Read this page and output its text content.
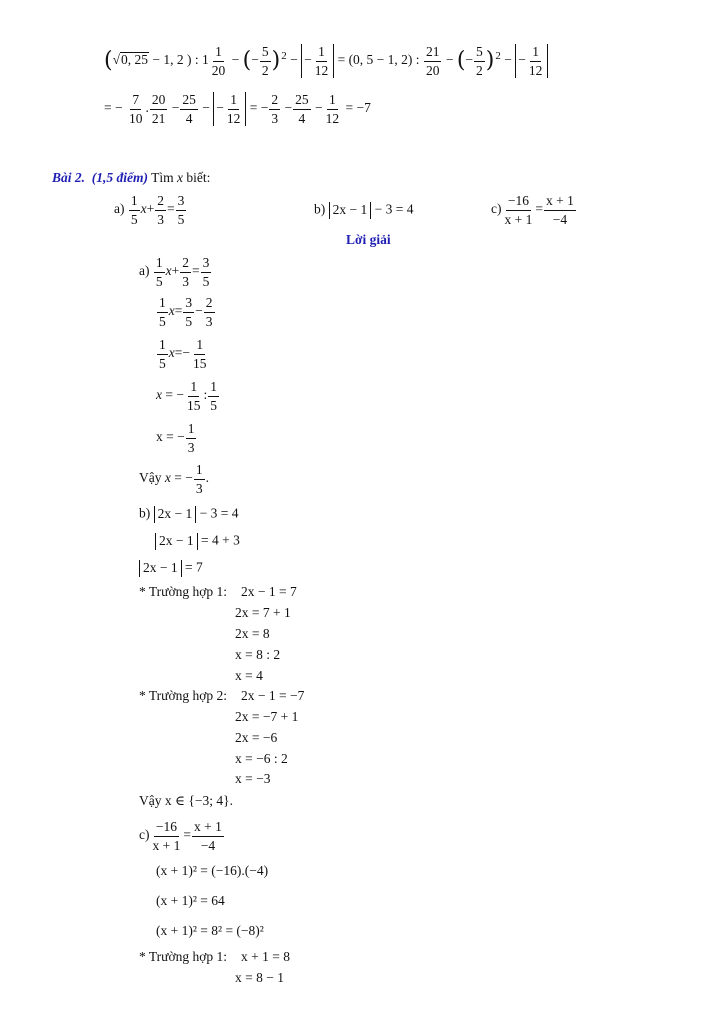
(√0, 25 − 1, 2 ) : $1 \frac{1}{20}$ − (− $\frac{5}{2} )^2$ − − $\frac{1}{12} = (0$, 5 − 1, 2) : $\frac{21}{20}$ − (− $\frac{5}{2} )^2$ − − $\frac{1}{12}$
= − $\frac{7}{10}$ . $\frac{20}{21} - \frac{25}{4}$ − − $\frac{1}{12}$ = − $\frac{2}{3} - \frac{25}{4} - \frac{1}{12} = -7$
Bài 2. (1,5 điểm) Tìm x biết:
$a) \frac{1}{5} x+ \frac{2}{3} = \frac{3}{5}$	b) 2x − 1 − 3 = 4	$c) \frac{-16}{x + 1} = \frac{x + 1}{-4}$
Lời giải
$a) \frac{1}{5} x+ \frac{2}{3} = \frac{3}{5}$
$\frac{1}{5} x= \frac{3}{5} - \frac{2}{3}$
$\frac{1}{5} x=- \frac{1}{15}$
x = − $\frac{1}{15}$ : $\frac{1}{5}$
x = − $\frac{1}{3}$
Vậy x = − $\frac{1}{3}$ .
b) 2x − 1 − 3 = 4
2x − 1 = 4 + 3
2x − 1 = 7
* Trường hợp 1: 2x − 1 = 7
2x = 7 + 1
2x = 8
x = 8 : 2
x = 4
* Trường hợp 2: 2x − 1 = −7
2x = −7 + 1
2x = −6
x = −6 : 2
x = −3
Vậy x ∈ {−3; 4}.
$c) \frac{-16}{x + 1} = \frac{x + 1}{-4}$
(x + 1)² = (−16).(−4)
(x + 1)² = 64
(x + 1)² = 8² = (−8)²
* Trường hợp 1: x + 1 = 8
x = 8 − 1
